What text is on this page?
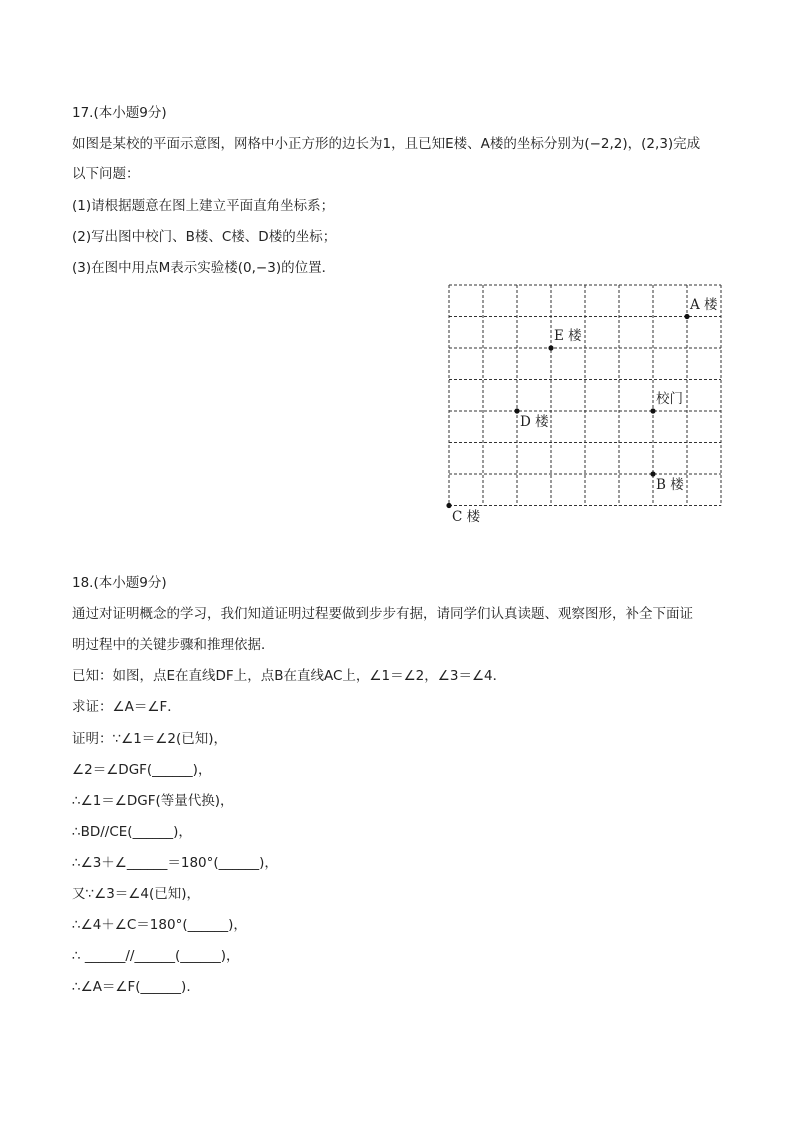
17.(本小题9分)
如图是某校的平面示意图，网格中小正方形的边长为1，且已知E楼、A楼的坐标分别为(−2,2)，(2,3)完成
以下问题：
(1)请根据题意在图上建立平面直角坐标系；
(2)写出图中校门、B楼、C楼、D楼的坐标；
(3)在图中用点M表示实验楼(0,−3)的位置．
A 楼
E 楼
校门
D 楼
B 楼
C 楼
18.(本小题9分)
通过对证明概念的学习，我们知道证明过程要做到步步有据，请同学们认真读题、观察图形，补全下面证
明过程中的关键步骤和推理依据．
已知：如图，点E在直线DF上，点B在直线AC上，∠1＝∠2，∠3＝∠4．
求证：∠A＝∠F．
证明：∵∠1＝∠2(已知)，
∠2＝∠DGF(______)，
∴∠1＝∠DGF(等量代换)，
∴BD//CE(______)，
∴∠3＋∠______＝180°(______)，
又∵∠3＝∠4(已知)，
∴∠4＋∠C＝180°(______)，
∴ ______//______(______)，
∴∠A＝∠F(______).
